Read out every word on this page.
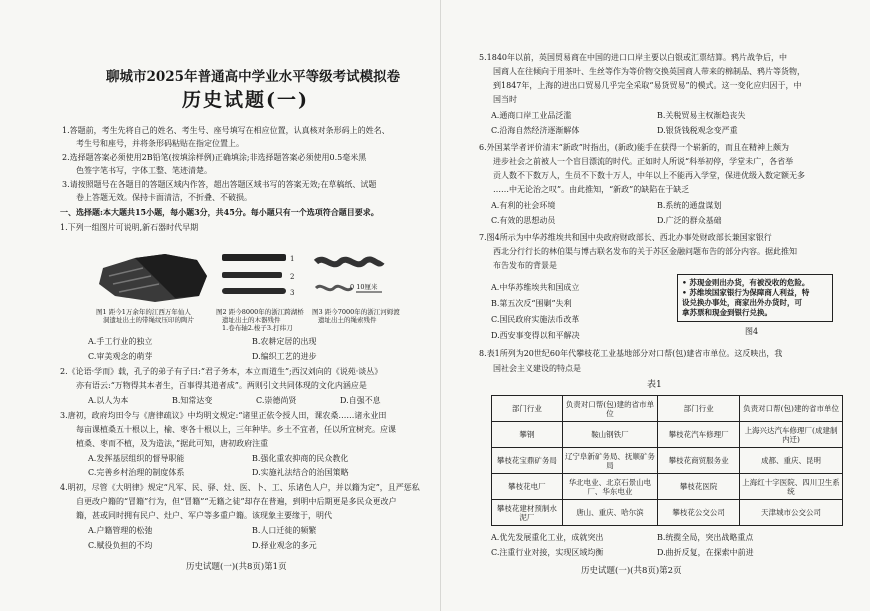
聊城市2025年普通高中学业水平等级考试模拟卷
历史试题(一)
1.答题前，考生先将自己的姓名、考生号、座号填写在相应位置，认真核对条形码上的姓名、
考生号和座号，并将条形码粘贴在指定位置上。
2.选择题答案必须使用2B铅笔(按填涂样例)正确填涂;非选择题答案必须使用0.5毫米黑
色签字笔书写，字体工整、笔迹清楚。
3.请按照题号在各题目的答题区域内作答，超出答题区域书写的答案无效;在草稿纸、试题
卷上答题无效。保持卡面清洁，不折叠、不破损。
一、选择题:本大题共15小题，每小题3分，共45分。每小题只有一个选项符合题目要求。
1.下列一组图片可说明,新石器时代早期
1
2
3
0 10厘米
图1 距今1万余年的江西万年仙人
洞遗址出土的带绳纹压印的陶片
图2 距今8000年的浙江跨湖桥
遗址出土的木器残件
1.卷布轴2.梭子3.打纬刀
图3 距今7000年的浙江河姆渡
遗址出土的绳索残件
A.手工行业的独立	B.农耕定居的出现
C.审美观念的萌芽	D.编织工艺的进步
2.《论语·学而》载，孔子的弟子有子曰:“君子务本，本立而道生”;西汉刘向的《说苑·谈丛》
亦有语云:“万物得其本者生，百事得其道者成”。两则引文共同体现的文化内涵应是
A.以人为本	B.知常达变	C.崇德尚贤	D.自强不息
3.唐初，政府均田令与《唐律疏议》中均明文规定:“诸里正依令授人田，课农桑……诸永业田
每亩课植桑五十根以上，榆、枣各十根以上，三年种毕。乡土不宜者，任以所宜树充。应课
植桑、枣而不植，及为造法，”据此可知，唐初政府注重
A.发挥基层组织的督导职能	B.强化重农抑商的民众教化
C.完善乡村治理的制度体系	D.实施礼法结合的治国策略
4.明初，尽管《大明律》规定“凡军、民、驿、灶、医、卜、工、乐诸色人户，并以籍为定”，且严惩私
自更改户籍的“冒籍”行为，但“冒籍”“无籍之徒”却存在普遍，到明中后期更是多民众更改户
籍，甚或同时拥有民户、灶户、军户等多重户籍。该现象主要缘于，明代
A.户籍管理的松弛	B.人口迁徙的频繁
C.赋役负担的不均	D.择业观念的多元
历史试题(一)(共8页)第1页
5.1840年以前，英国贸易商在中国的进口口岸主要以白银或汇票结算。鸦片战争后，中
国商人在往倾向于用茶叶、生丝等作为等价物交换英国商人带来的棉制品、鸦片等货物，
到1847年，上海的进出口贸易几乎完全采取“易货贸易”的模式。这一变化应归因于，中
国当时
A.通商口岸工业品泛滥	B.关税贸易主权渐趋丧失
C.沿海自然经济逐渐解体	D.银货钱税观念变严重
6.外国某学者评价清末“新政”时指出，(新政)能手在获得一个崭新的，而且在精神上颇为
进步社会之前被人一个盲目漂流的时代。正如时人所说“科举初停，学堂未广，各省举
贡人数不下数万人，生员不下数十万人，中年以上不能再入学堂，保进优级入数定额无多
……中无论治之叹”。由此推知，“新政”的缺陷在于缺乏
A.有利的社会环境	B.系统的通盘谋划
C.有效的思想动员	D.广泛的群众基础
7.图4所示为中华苏维埃共和国中央政府财政部长、西北办事处财政部长兼国家银行
西北分行行长的林伯渠与博古联名发布的关于苏区金融问题布告的部分内容。据此推知
布告发布的背景是
A.中华苏维埃共和国成立
B.第五次反“围剿”失利
C.国民政府实施法币改革
D.西安事变得以和平解决
• 苏现金则出办货，有被没收的危险。
• 苏维埃国家银行为保障商人利益，特
设兑换办事处，商家出外办货时，可
拿苏票和现金到银行兑换。
图4
8.表1所列为20世纪60年代攀枝花工业基地部分对口帮(包)建省市单位。这反映出，我
国社会主义建设的特点是
表1
部门行业	负责对口帮(包)建的省市单位	部门行业	负责对口帮(包)建的省市单位
攀钢	鞍山钢铁厂	攀枝花汽车修理厂	上海兴达汽车修理厂(成建制内迁)
攀枝花宝鼎矿务局	辽宁阜新矿务局、抚顺矿务局	攀枝花商贸服务业	成都、重庆、昆明
攀枝花电厂	华北电业、北京石景山电厂、华东电业	攀枝花医院	上海红十字医院、四川卫生系统
攀枝花建材预制水泥厂	唐山、重庆、哈尔滨	攀枝花公交公司	天津城市公交公司
A.优先发展重化工业，成就突出	B.统揽全局，突出战略重点
C.注重行业对接，实现区域均衡	D.曲折反复，在探索中前进
历史试题(一)(共8页)第2页
